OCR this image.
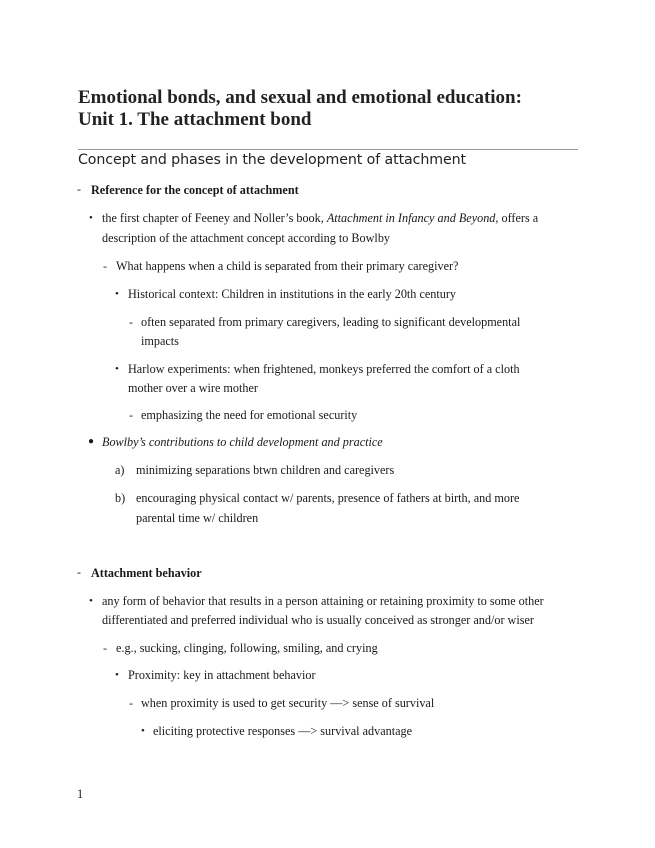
Emotional bonds, and sexual and emotional education:
Unit 1. The attachment bond
Concept and phases in the development of attachment
- Reference for the concept of attachment
• the first chapter of Feeney and Noller’s book, Attachment in Infancy and Beyond, offers a
description of the attachment concept according to Bowlby
- What happens when a child is separated from their primary caregiver?
• Historical context: Children in institutions in the early 20th century
- often separated from primary caregivers, leading to significant developmental
impacts
• Harlow experiments: when frightened, monkeys preferred the comfort of a cloth
mother over a wire mother
- emphasizing the need for emotional security
● Bowlby’s contributions to child development and practice
a) minimizing separations btwn children and caregivers
b) encouraging physical contact w/ parents, presence of fathers at birth, and more
parental time w/ children
- Attachment behavior
• any form of behavior that results in a person attaining or retaining proximity to some other
differentiated and preferred individual who is usually conceived as stronger and/or wiser
- e.g., sucking, clinging, following, smiling, and crying
• Proximity: key in attachment behavior
- when proximity is used to get security —> sense of survival
• eliciting protective responses —> survival advantage
1
